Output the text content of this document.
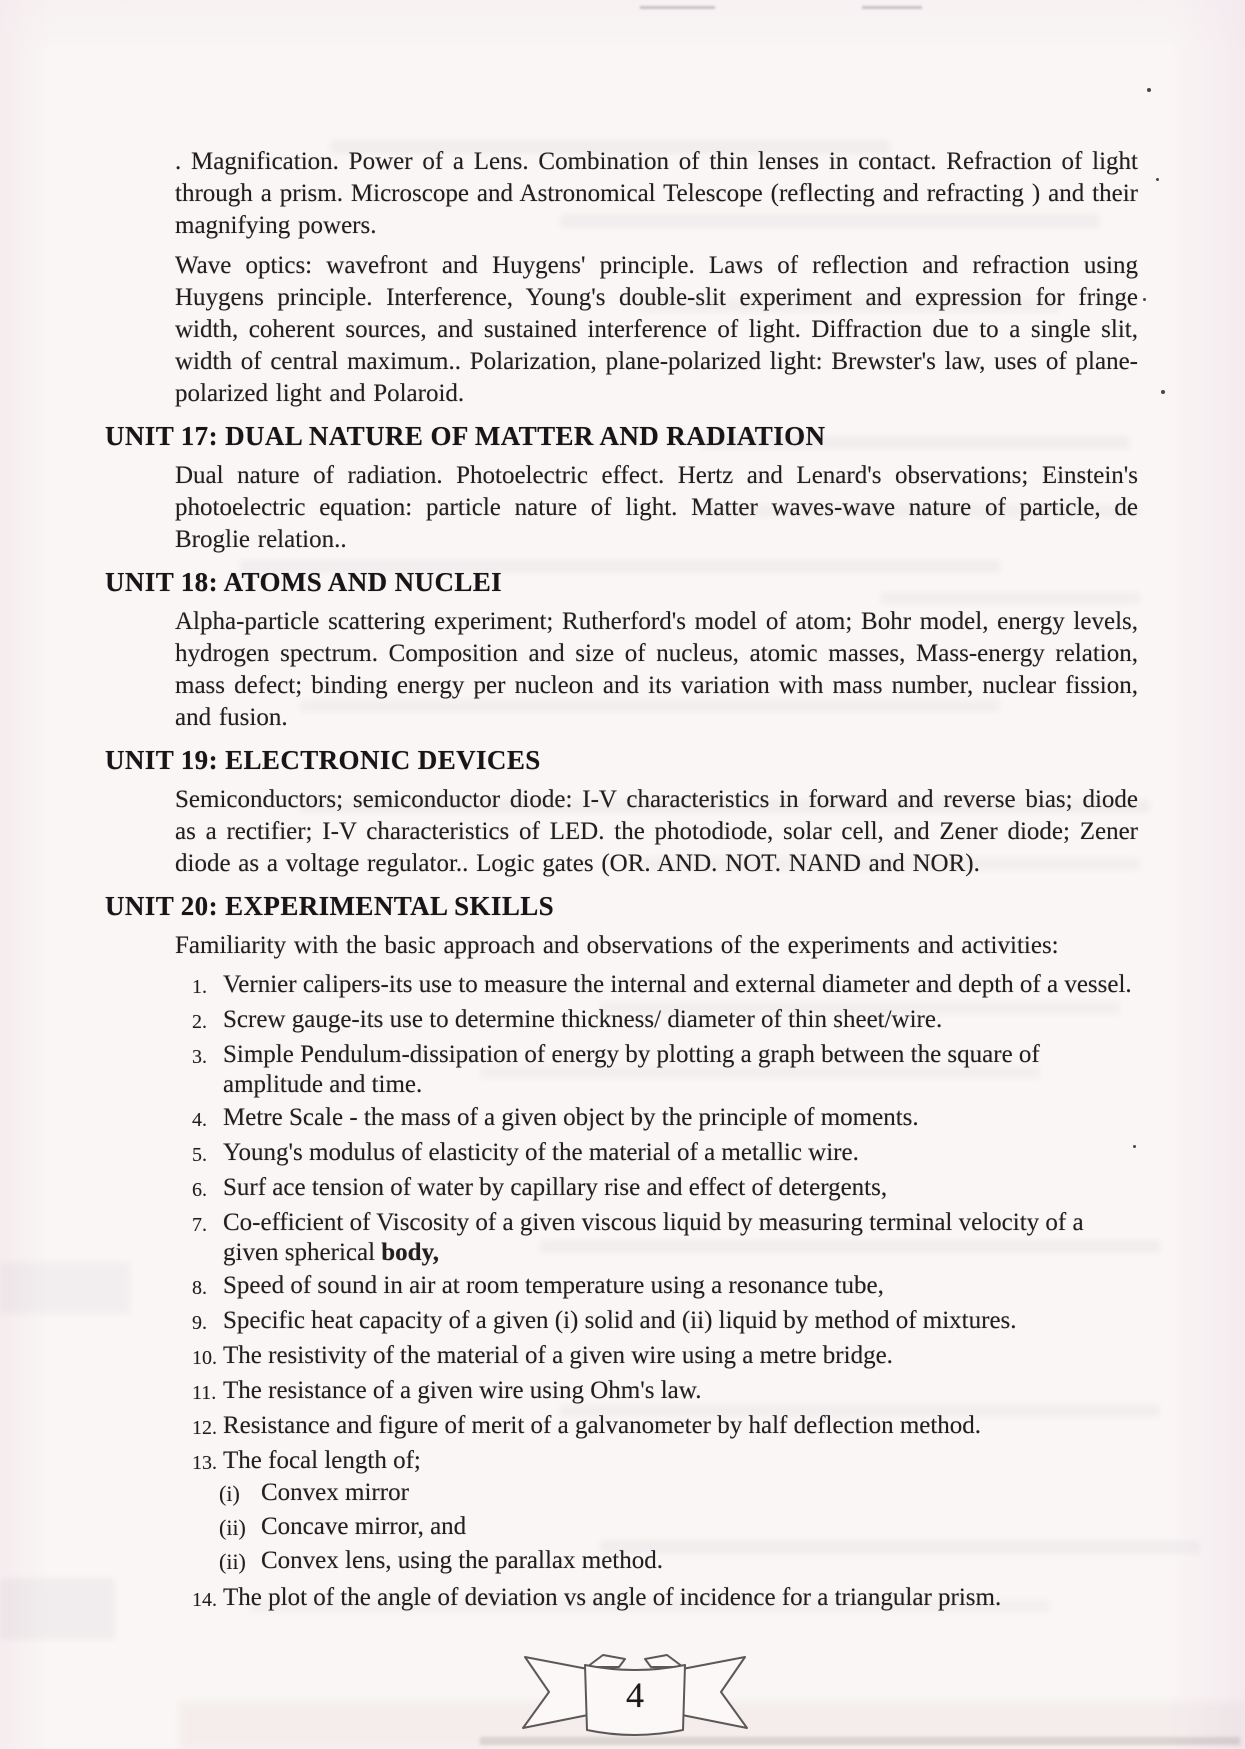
. Magnification. Power of a Lens. Combination of thin lenses in contact. Refraction of light through a prism. Microscope and Astronomical Telescope (reflecting and refracting ) and their magnifying powers.

Wave optics: wavefront and Huygens' principle. Laws of reflection and refraction using Huygens principle. Interference, Young's double-slit experiment and expression for fringe width, coherent sources, and sustained interference of light. Diffraction due to a single slit, width of central maximum.. Polarization, plane-polarized light: Brewster's law, uses of plane-polarized light and Polaroid.

UNIT 17: DUAL NATURE OF MATTER AND RADIATION

Dual nature of radiation. Photoelectric effect. Hertz and Lenard's observations; Einstein's photoelectric equation: particle nature of light. Matter waves-wave nature of particle, de Broglie relation..

UNIT 18: ATOMS AND NUCLEI

Alpha-particle scattering experiment; Rutherford's model of atom; Bohr model, energy levels, hydrogen spectrum. Composition and size of nucleus, atomic masses, Mass-energy relation, mass defect; binding energy per nucleon and its variation with mass number, nuclear fission, and fusion.

UNIT 19: ELECTRONIC DEVICES

Semiconductors; semiconductor diode: I-V characteristics in forward and reverse bias; diode as a rectifier; I-V characteristics of LED. the photodiode, solar cell, and Zener diode; Zener diode as a voltage regulator.. Logic gates (OR. AND. NOT. NAND and NOR).

UNIT 20: EXPERIMENTAL SKILLS

Familiarity with the basic approach and observations of the experiments and activities:

1. Vernier calipers-its use to measure the internal and external diameter and depth of a vessel.
2. Screw gauge-its use to determine thickness/ diameter of thin sheet/wire.
3. Simple Pendulum-dissipation of energy by plotting a graph between the square of amplitude and time.
4. Metre Scale - the mass of a given object by the principle of moments.
5. Young's modulus of elasticity of the material of a metallic wire.
6. Surf ace tension of water by capillary rise and effect of detergents,
7. Co-efficient of Viscosity of a given viscous liquid by measuring terminal velocity of a given spherical body,
8. Speed of sound in air at room temperature using a resonance tube,
9. Specific heat capacity of a given (i) solid and (ii) liquid by method of mixtures.
10. The resistivity of the material of a given wire using a metre bridge.
11. The resistance of a given wire using Ohm's law.
12. Resistance and figure of merit of a galvanometer by half deflection method.
13. The focal length of;
(i) Convex mirror
(ii) Concave mirror, and
(ii) Convex lens, using the parallax method.
14. The plot of the angle of deviation vs angle of incidence for a triangular prism.
4
